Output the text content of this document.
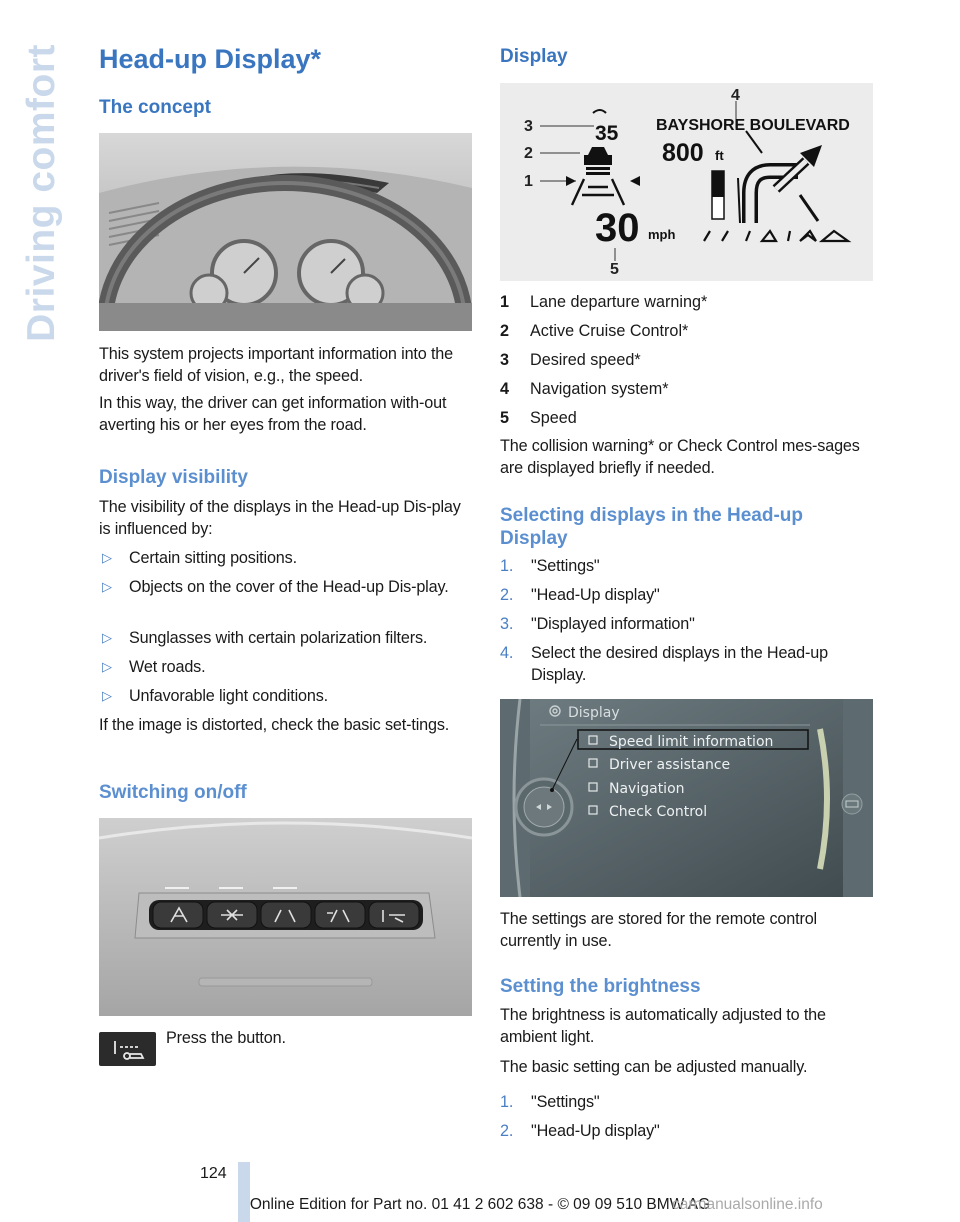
Driving comfort Head-up Display*
The concept
This system projects important information into the driver's field of vision, e.g., the speed.
In this way, the driver can get information with-out averting his or her eyes from the road.
Display visibility
The visibility of the displays in the Head-up Dis-play is influenced by:
▷ Certain sitting positions.
▷ Objects on the cover of the Head-up Dis-play.
▷ Sunglasses with certain polarization filters.
▷ Wet roads.
▷ Unfavorable light conditions.
If the image is distorted, check the basic set-tings.
Switching on/off
Press the button.
Display
3
2
1
4
5
35
30 mph
BAYSHORE BOULEVARD
800 ft
1 Lane departure warning*
2 Active Cruise Control*
3 Desired speed*
4 Navigation system*
5 Speed
The collision warning* or Check Control mes-sages are displayed briefly if needed.
Selecting displays in the Head-up Display
1. "Settings"
2. "Head-Up display"
3. "Displayed information"
4. Select the desired displays in the Head-up Display.
Display
Speed limit information
Driver assistance
Navigation
Check Control
The settings are stored for the remote control currently in use.
Setting the brightness
The brightness is automatically adjusted to the ambient light.
The basic setting can be adjusted manually.
1. "Settings"
2. "Head-Up display"
124
Online Edition for Part no. 01 41 2 602 638 - © 09 09 510 BMW AG
carmanualsonline.info
